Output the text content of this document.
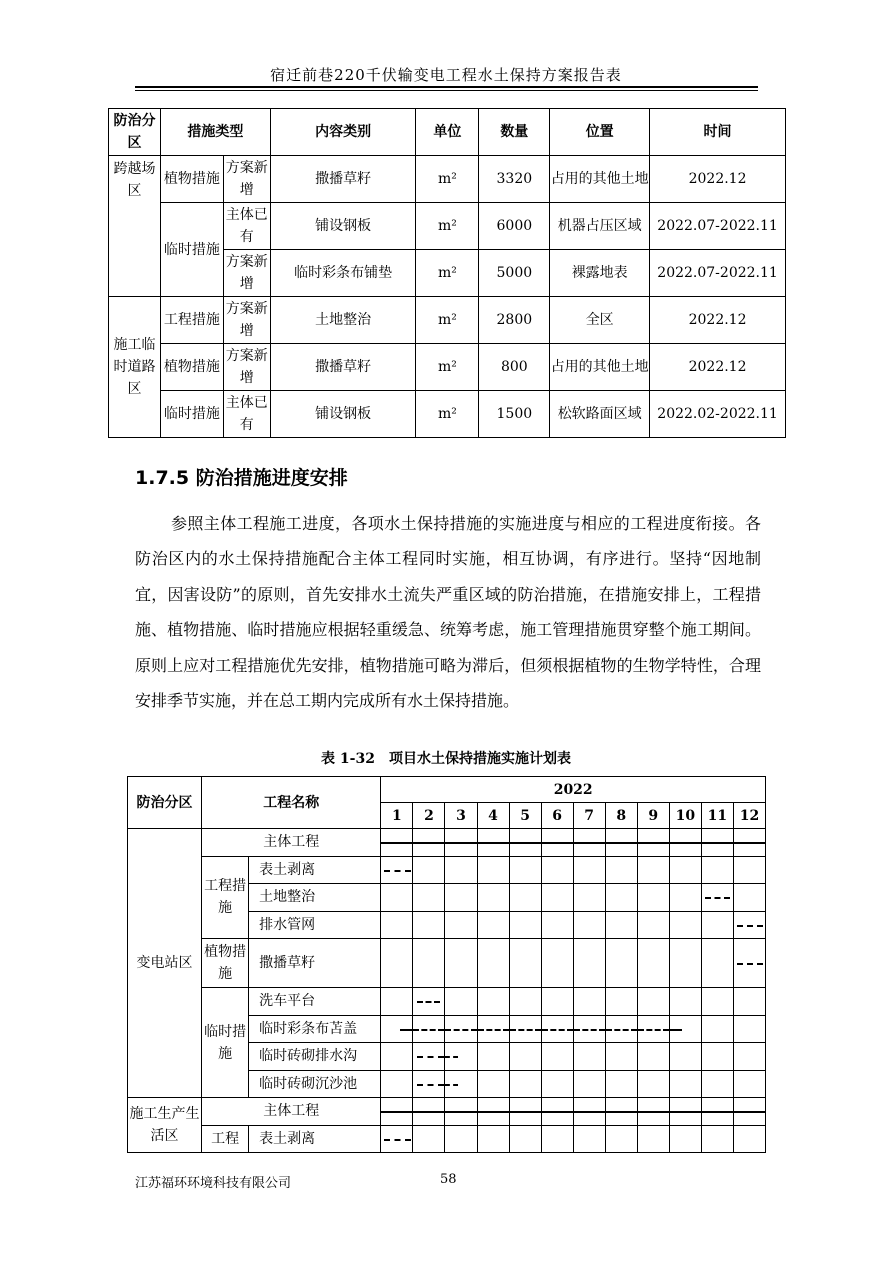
宿迁前巷220千伏输变电工程水土保持方案报告表
防治分区	措施类型		内容类别	单位	数量	位置	时间
跨越场区	植物措施	方案新增	撒播草籽	m²	3320	占用的其他土地	2022.12
	临时措施	主体已有	铺设钢板	m²	6000	机器占压区域	2022.07-2022.11
		方案新增	临时彩条布铺垫	m²	5000	裸露地表	2022.07-2022.11
施工临时道路区	工程措施	方案新增	土地整治	m²	2800	全区	2022.12
	植物措施	方案新增	撒播草籽	m²	800	占用的其他土地	2022.12
	临时措施	主体已有	铺设钢板	m²	1500	松软路面区域	2022.02-2022.11
1.7.5 防治措施进度安排

参照主体工程施工进度，各项水土保持措施的实施进度与相应的工程进度衔接。各防治区内的水土保持措施配合主体工程同时实施，相互协调，有序进行。坚持“因地制宜，因害设防”的原则，首先安排水土流失严重区域的防治措施，在措施安排上，工程措施、植物措施、临时措施应根据轻重缓急、统筹考虑，施工管理措施贯穿整个施工期间。原则上应对工程措施优先安排，植物措施可略为滞后，但须根据植物的生物学特性，合理安排季节实施，并在总工期内完成所有水土保持措施。

表 1-32　项目水土保持措施实施计划表
防治分区	工程名称		2022											
			1	2	3	4	5	6	7	8	9	10	11	12
变电站区	主体工程		

	工程措施	表土剥离	

		土地整治											

		排水管网												

	植物措施	撒播草籽												

	临时措施	洗车平台		

		临时彩条布苫盖	

		临时砖砌排水沟		

		临时砖砌沉沙池		

施工生产生活区	主体工程		

	工程	表土剥离	

江苏福环环境科技有限公司	58
